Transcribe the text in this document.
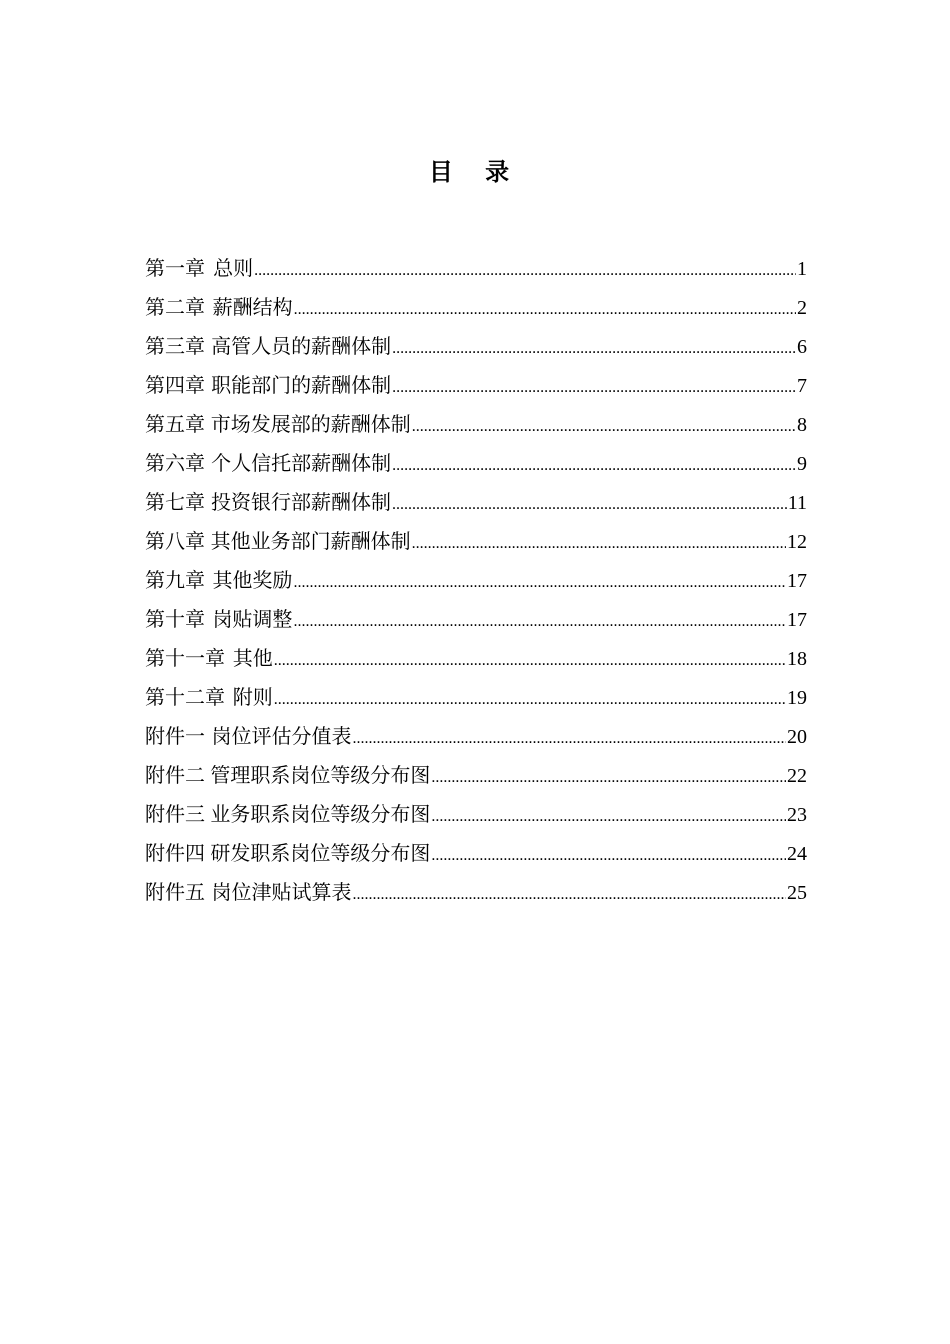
目 录
第一章 总则 .....	1
第二章 薪酬结构 .....	2
第三章 高管人员的薪酬体制 .....	6
第四章 职能部门的薪酬体制 .....	7
第五章 市场发展部的薪酬体制 .....	8
第六章 个人信托部薪酬体制 .....	9
第七章 投资银行部薪酬体制 .....	11
第八章 其他业务部门薪酬体制 .....	12
第九章 其他奖励 .....	17
第十章 岗贴调整 .....	17
第十一章 其他 .....	18
第十二章 附则 .....	19
附件一 岗位评估分值表 .....	20
附件二 管理职系岗位等级分布图 .....	22
附件三 业务职系岗位等级分布图 .....	23
附件四 研发职系岗位等级分布图 .....	24
附件五 岗位津贴试算表 .....	25
